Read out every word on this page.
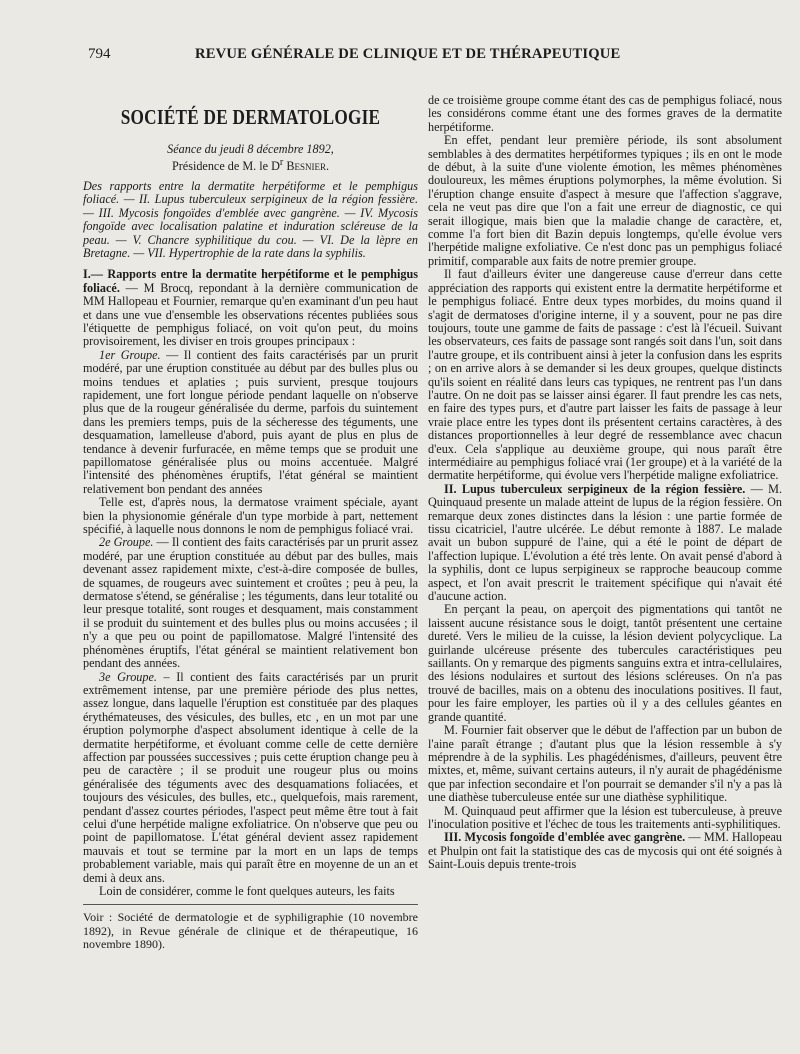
794	REVUE GÉNÉRALE DE CLINIQUE ET DE THÉRAPEUTIQUE
SOCIÉTÉ DE DERMATOLOGIE
Séance du jeudi 8 décembre 1892,
Présidence de M. le $D^r$ Besnier.
Des rapports entre la dermatite herpétiforme et le pemphigus foliacé. — II. Lupus tuberculeux serpigineux de la région fessière. — III. Mycosis fongoïdes d'emblée avec gangrène. — IV. Mycosis fongoïde avec localisation palatine et induration scléreuse de la peau. — V. Chancre syphilitique du cou. — VI. De la lèpre en Bretagne. — VII. Hypertrophie de la rate dans la syphilis.

I.— Rapports entre la dermatite herpétiforme et le pemphigus foliacé. — M Brocq, repondant à la dernière communication de MM Hallopeau et Fournier, remarque qu'en examinant d'un peu haut et dans une vue d'ensemble les observations récentes publiées sous l'étiquette de pemphigus foliacé, on voit qu'on peut, du moins provisoirement, les diviser en trois groupes principaux :

1er Groupe. — Il contient des faits caractérisés par un prurit modéré, par une éruption constituée au début par des bulles plus ou moins tendues et aplaties ; puis survient, presque toujours rapidement, une fort longue période pendant laquelle on n'observe plus que de la rougeur généralisée du derme, parfois du suintement dans les premiers temps, puis de la sécheresse des téguments, une desquamation, lamelleuse d'abord, puis ayant de plus en plus de tendance à devenir furfuracée, en même temps que se produit une papillomatose généralisée plus ou moins accentuée. Malgré l'intensité des phénomènes éruptifs, l'état général se maintient relativement bon pendant des années

Telle est, d'après nous, la dermatose vraiment spéciale, ayant bien la physionomie générale d'un type morbide à part, nettement spécifié, à laquelle nous donnons le nom de pemphigus foliacé vrai.

2e Groupe. — Il contient des faits caractérisés par un prurit assez modéré, par une éruption constituée au début par des bulles, mais devenant assez rapidement mixte, c'est-à-dire composée de bulles, de squames, de rougeurs avec suintement et croûtes ; peu à peu, la dermatose s'étend, se généralise ; les téguments, dans leur totalité ou leur presque totalité, sont rouges et desquament, mais constamment il se produit du suintement et des bulles plus ou moins accusées ; il n'y a que peu ou point de papillomatose. Malgré l'intensité des phénomènes éruptifs, l'état général se maintient relativement bon pendant des années.

3e Groupe. – Il contient des faits caractérisés par un prurit extrêmement intense, par une première période des plus nettes, assez longue, dans laquelle l'éruption est constituée par des plaques érythémateuses, des vésicules, des bulles, etc , en un mot par une éruption polymorphe d'aspect absolument identique à celle de la dermatite herpétiforme, et évoluant comme celle de cette dernière affection par poussées successives ; puis cette éruption change peu à peu de caractère ; il se produit une rougeur plus ou moins généralisée des téguments avec des desquamations foliacées, et toujours des vésicules, des bulles, etc., quelquefois, mais rarement, pendant d'assez courtes périodes, l'aspect peut même être tout à fait celui d'une herpétide maligne exfoliatrice. On n'observe que peu ou point de papillomatose. L'état général devient assez rapidement mauvais et tout se termine par la mort en un laps de temps probablement variable, mais qui paraît être en moyenne de un an et demi à deux ans.

Loin de considérer, comme le font quelques auteurs, les faits

Voir : Société de dermatologie et de syphiligraphie (10 novembre 1892), in Revue générale de clinique et de thérapeutique, 16 novembre 1890).

de ce troisième groupe comme étant des cas de pemphigus foliacé, nous les considérons comme étant une des formes graves de la dermatite herpétiforme.

En effet, pendant leur première période, ils sont absolument semblables à des dermatites herpétiformes typiques ; ils en ont le mode de début, à la suite d'une violente émotion, les mêmes phénomènes douloureux, les mêmes éruptions polymorphes, la même évolution. Si l'éruption change ensuite d'aspect à mesure que l'affection s'aggrave, cela ne veut pas dire que l'on a fait une erreur de diagnostic, ce qui serait illogique, mais bien que la maladie change de caractère, et, comme l'a fort bien dit Bazin depuis longtemps, qu'elle évolue vers l'herpétide maligne exfoliative. Ce n'est donc pas un pemphigus foliacé primitif, comparable aux faits de notre premier groupe.

Il faut d'ailleurs éviter une dangereuse cause d'erreur dans cette appréciation des rapports qui existent entre la dermatite herpétiforme et le pemphigus foliacé. Entre deux types morbides, du moins quand il s'agit de dermatoses d'origine interne, il y a souvent, pour ne pas dire toujours, toute une gamme de faits de passage : c'est là l'écueil. Suivant les observateurs, ces faits de passage sont rangés soit dans l'un, soit dans l'autre groupe, et ils contribuent ainsi à jeter la confusion dans les esprits ; on en arrive alors à se demander si les deux groupes, quelque distincts qu'ils soient en réalité dans leurs cas typiques, ne rentrent pas l'un dans l'autre. On ne doit pas se laisser ainsi égarer. Il faut prendre les cas nets, en faire des types purs, et d'autre part laisser les faits de passage à leur vraie place entre les types dont ils présentent certains caractères, à des distances proportionnelles à leur degré de ressemblance avec chacun d'eux. Cela s'applique au deuxième groupe, qui nous paraît être intermédiaire au pemphigus foliacé vrai (1er groupe) et à la variété de la dermatite herpétiforme, qui évolue vers l'herpétide maligne exfoliatrice.

II. Lupus tuberculeux serpigineux de la région fessière. — M. Quinquaud presente un malade atteint de lupus de la région fessière. On remarque deux zones distinctes dans la lésion : une partie formée de tissu cicatriciel, l'autre ulcérée. Le début remonte à 1887. Le malade avait un bubon suppuré de l'aine, qui a été le point de départ de l'affection lupique. L'évolution a été très lente. On avait pensé d'abord à la syphilis, dont ce lupus serpigineux se rapproche beaucoup comme aspect, et l'on avait prescrit le traitement spécifique qui n'avait été d'aucune action.

En perçant la peau, on aperçoit des pigmentations qui tantôt ne laissent aucune résistance sous le doigt, tantôt présentent une certaine dureté. Vers le milieu de la cuisse, la lésion devient polycyclique. La guirlande ulcéreuse présente des tubercules caractéristiques peu saillants. On y remarque des pigments sanguins extra et intra-cellulaires, des lésions nodulaires et surtout des lésions scléreuses. On n'a pas trouvé de bacilles, mais on a obtenu des inoculations positives. Il faut, pour les faire employer, les parties où il y a des cellules géantes en grande quantité.

M. Fournier fait observer que le début de l'affection par un bubon de l'aine paraît étrange ; d'autant plus que la lésion ressemble à s'y méprendre à de la syphilis. Les phagédénismes, d'ailleurs, peuvent être mixtes, et, même, suivant certains auteurs, il n'y aurait de phagédénisme que par infection secondaire et l'on pourrait se demander s'il n'y a pas là une diathèse tuberculeuse entée sur une diathèse syphilitique.

M. Quinquaud peut affirmer que la lésion est tuberculeuse, à preuve l'inoculation positive et l'échec de tous les traitements anti-syphilitiques.

III. Mycosis fongoïde d'emblée avec gangrène. — MM. Hallopeau et Phulpin ont fait la statistique des cas de mycosis qui ont été soignés à Saint-Louis depuis trente-trois
